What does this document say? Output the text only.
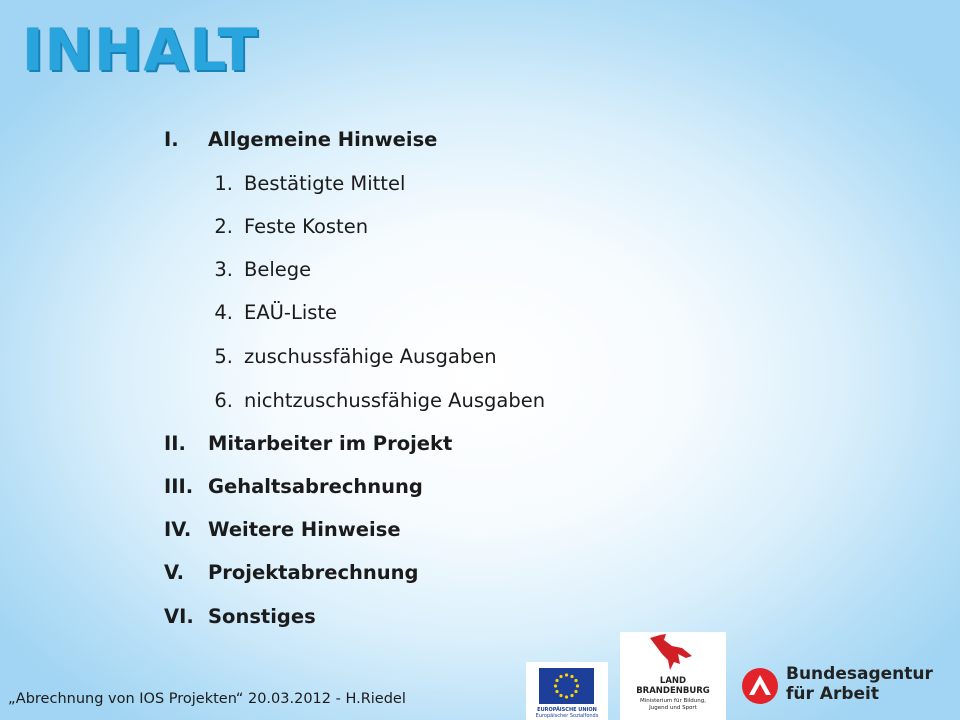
INHALT
I.	Allgemeine Hinweise
1. Bestätigte Mittel
2. Feste Kosten
3. Belege
4. EAÜ-Liste
5. zuschussfähige Ausgaben
6. nichtzuschussfähige Ausgaben
II.	Mitarbeiter im Projekt
III. Gehaltsabrechnung
IV. Weitere Hinweise
V.	Projektabrechnung
VI. Sonstiges
„Abrechnung von IOS Projekten“ 20.03.2012 - H.Riedel
EUROPÄISCHE UNION
Europäischer Sozialfonds
LAND
BRANDENBURG
Ministerium für Bildung,
Jugend und Sport
Bundesagentur
für Arbeit
